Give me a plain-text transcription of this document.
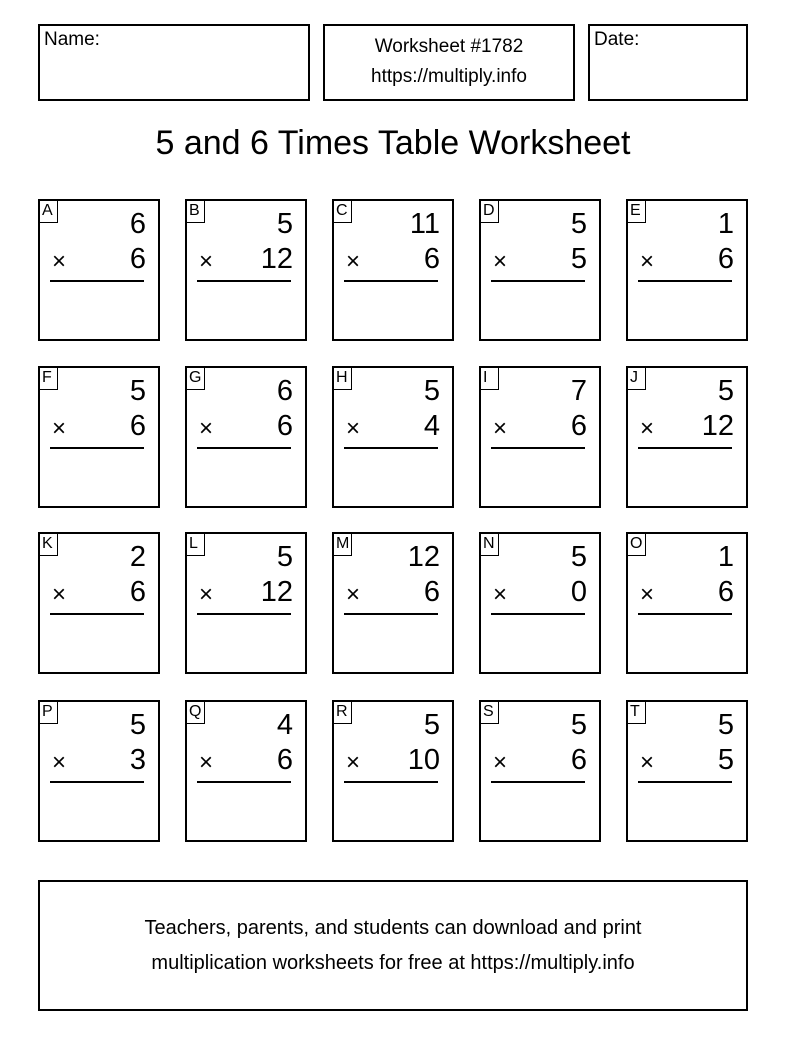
Name:	Worksheet #1782
https://multiply.info
Date:
5 and 6 Times Table Worksheet
A	6
× 6
B	5
× 12
C 11
× 6
D	5
× 5
E	1
× 6
F	5
× 6
G	6
× 6
H	5
× 4
I	7
× 6
J	5
× 12
K	2
× 6
L	5
× 12
M 12
× 6
N	5
× 0
O	1
× 6
P	5
× 3
Q	4
× 6
R	5
× 10
S	5
× 6
T	5
× 5
Teachers, parents, and students can download and print
multiplication worksheets for free at https://multiply.info
